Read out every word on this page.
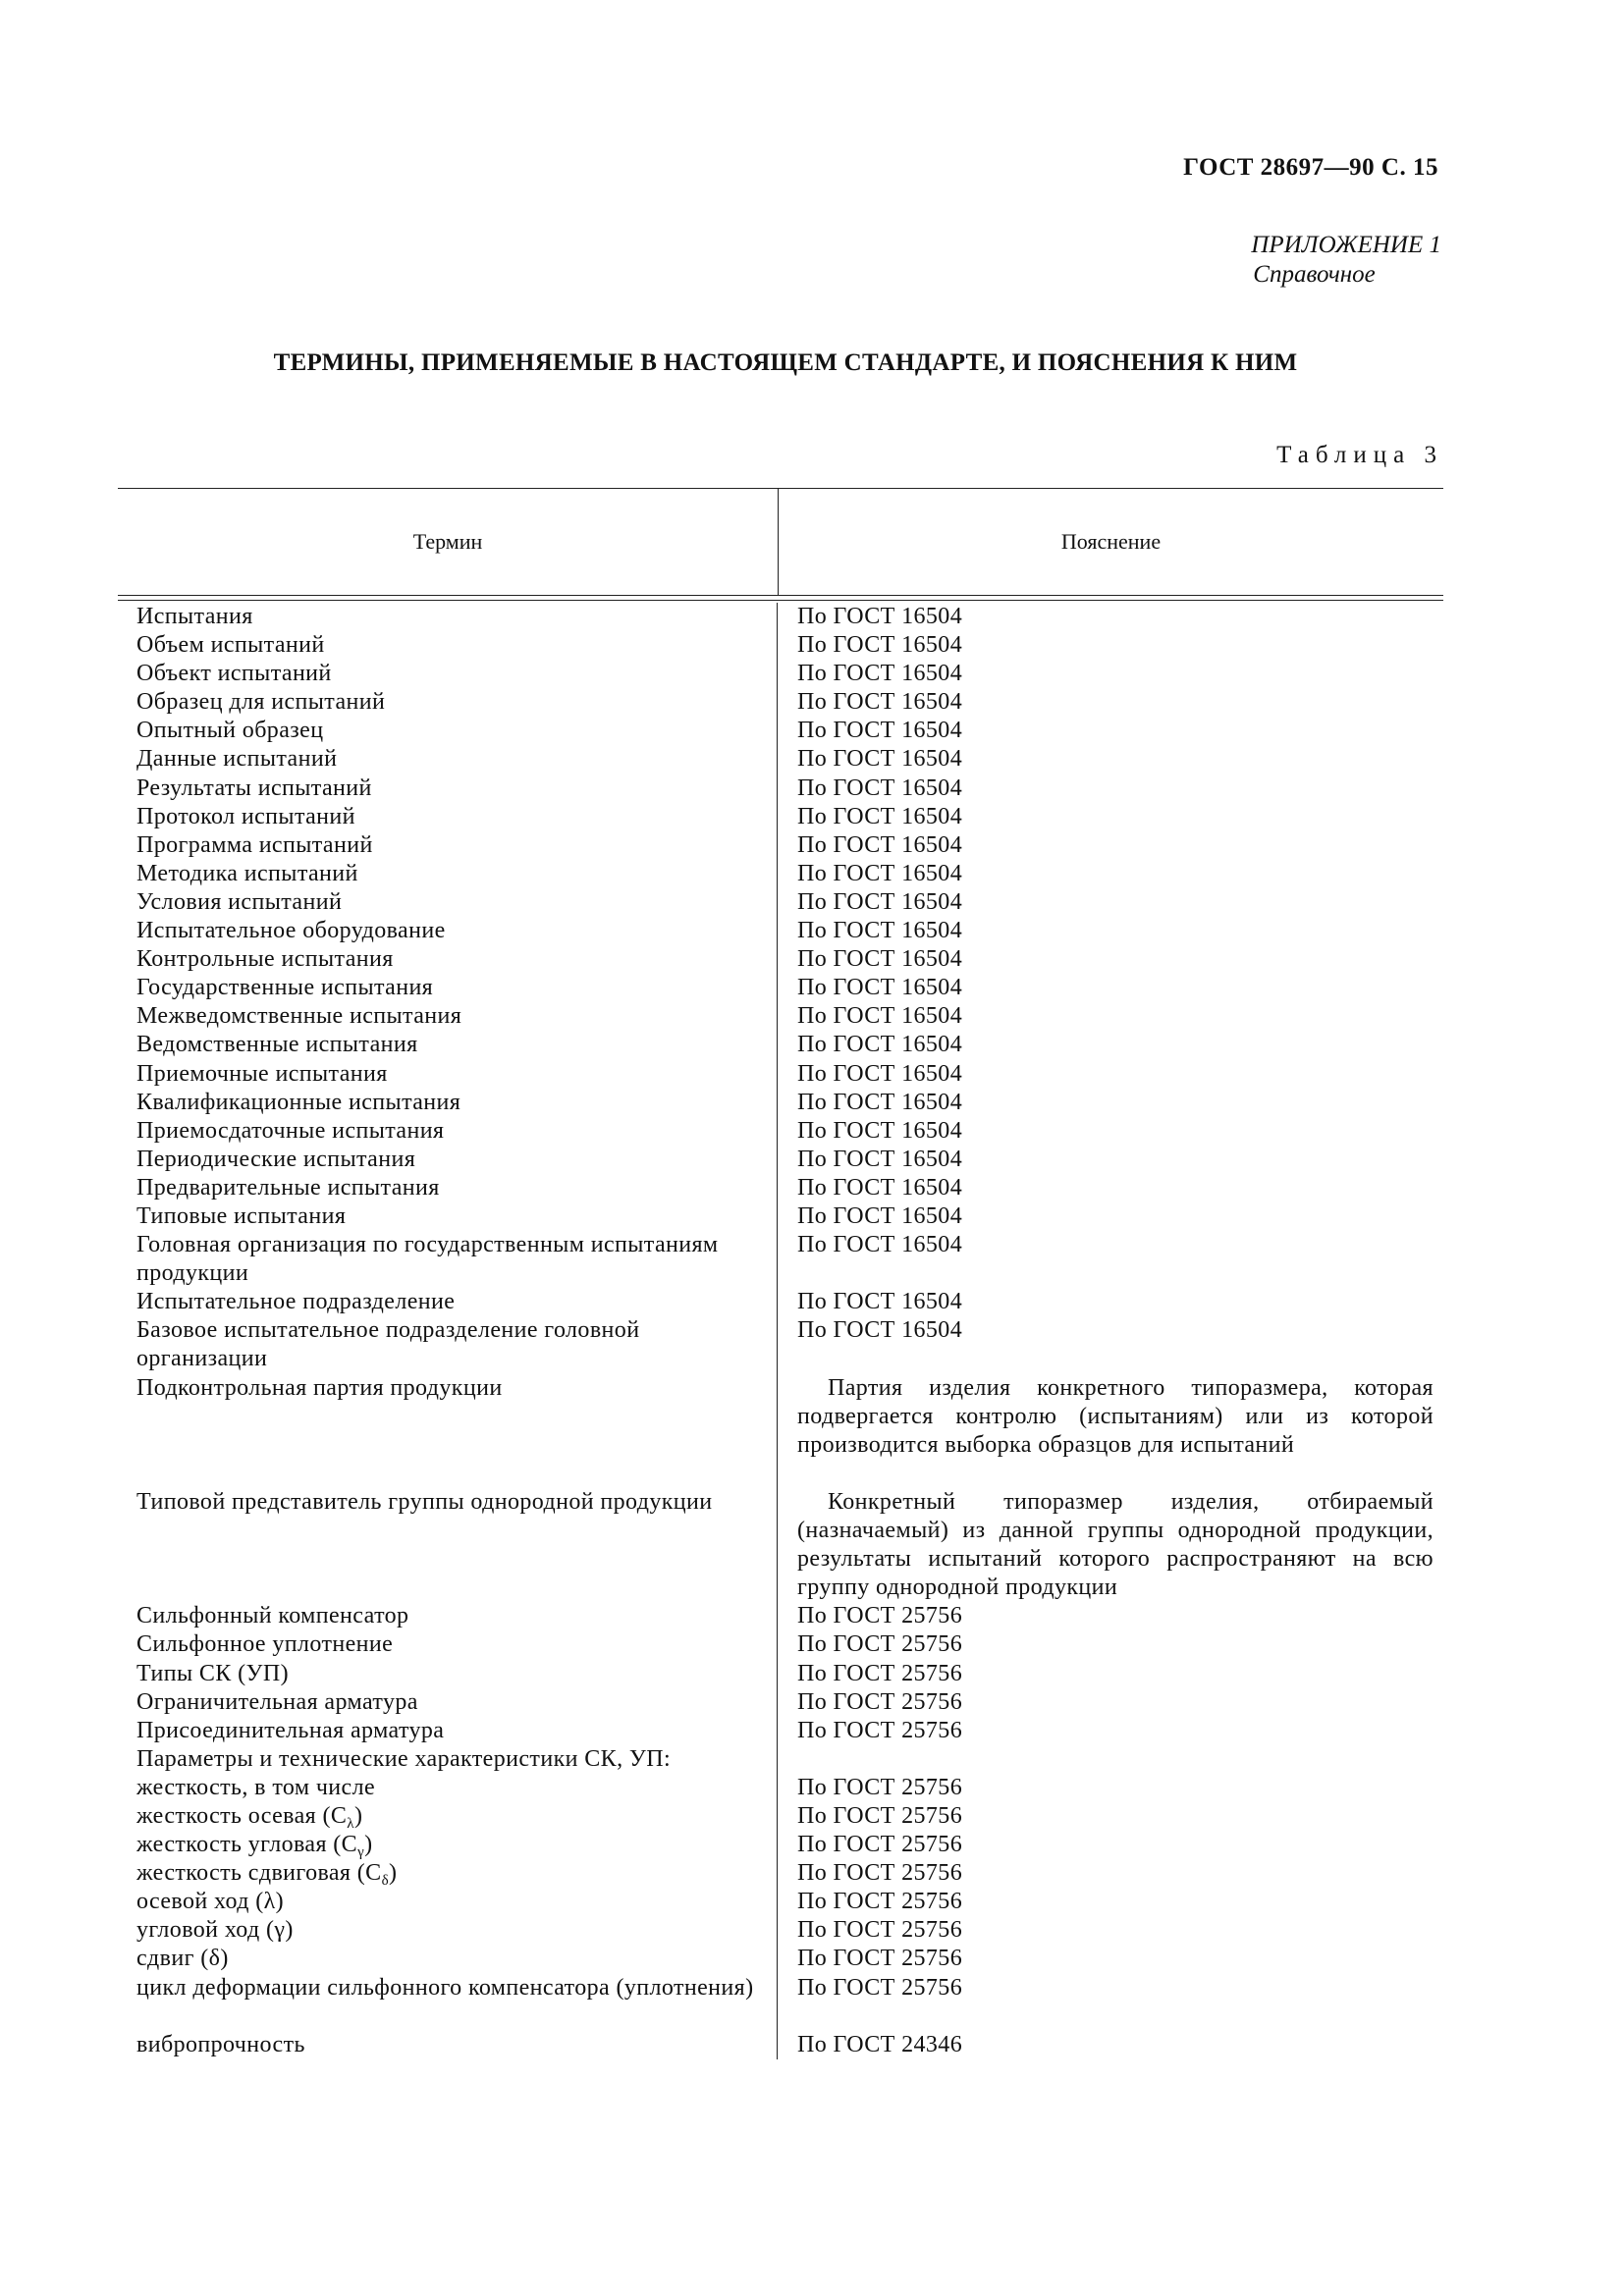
ГОСТ 28697—90 С. 15
ПРИЛОЖЕНИЕ 1
Справочное
ТЕРМИНЫ, ПРИМЕНЯЕМЫЕ В НАСТОЯЩЕМ СТАНДАРТЕ, И ПОЯСНЕНИЯ К НИМ
Таблица 3
Термин	Пояснение
Испытания
Объем испытаний
Объект испытаний
Образец для испытаний
Опытный образец
Данные испытаний
Результаты испытаний
Протокол испытаний
Программа испытаний
Методика испытаний
Условия испытаний
Испытательное оборудование
Контрольные испытания
Государственные испытания
Межведомственные испытания
Ведомственные испытания
Приемочные испытания
Квалификационные испытания
Приемосдаточные испытания
Периодические испытания
Предварительные испытания
Типовые испытания
Головная организация по государственным испытаниям продукции
Испытательное подразделение
Базовое испытательное подразделение головной организации
Подконтрольная партия продукции
Типовой представитель группы однородной продукции
Сильфонный компенсатор
Сильфонное уплотнение
Типы СК (УП)
Ограничительная арматура
Присоединительная арматура
Параметры и технические характеристики СК, УП:
жесткость, в том числе
жесткость осевая $(C_\lambda)$
жесткость угловая $(C_\gamma)$
жесткость сдвиговая $(C_\delta)$
осевой ход (λ)
угловой ход (γ)
сдвиг (δ)
цикл деформации сильфонного компенсатора (уплотнения)
вибропрочность
По ГОСТ 16504
По ГОСТ 16504
По ГОСТ 16504
По ГОСТ 16504
По ГОСТ 16504
По ГОСТ 16504
По ГОСТ 16504
По ГОСТ 16504
По ГОСТ 16504
По ГОСТ 16504
По ГОСТ 16504
По ГОСТ 16504
По ГОСТ 16504
По ГОСТ 16504
По ГОСТ 16504
По ГОСТ 16504
По ГОСТ 16504
По ГОСТ 16504
По ГОСТ 16504
По ГОСТ 16504
По ГОСТ 16504
По ГОСТ 16504
По ГОСТ 16504
По ГОСТ 16504
По ГОСТ 16504
Партия изделия конкретного типоразмера, которая подвергается контролю (испытаниям) или из которой производится выборка образцов для испытаний
Конкретный типоразмер изделия, отбираемый (назначаемый) из данной группы однородной продукции, результаты испытаний которого распространяют на всю группу однородной продукции
По ГОСТ 25756
По ГОСТ 25756
По ГОСТ 25756
По ГОСТ 25756
По ГОСТ 25756
По ГОСТ 25756
По ГОСТ 25756
По ГОСТ 25756
По ГОСТ 25756
По ГОСТ 25756
По ГОСТ 25756
По ГОСТ 25756
По ГОСТ 25756
По ГОСТ 24346
